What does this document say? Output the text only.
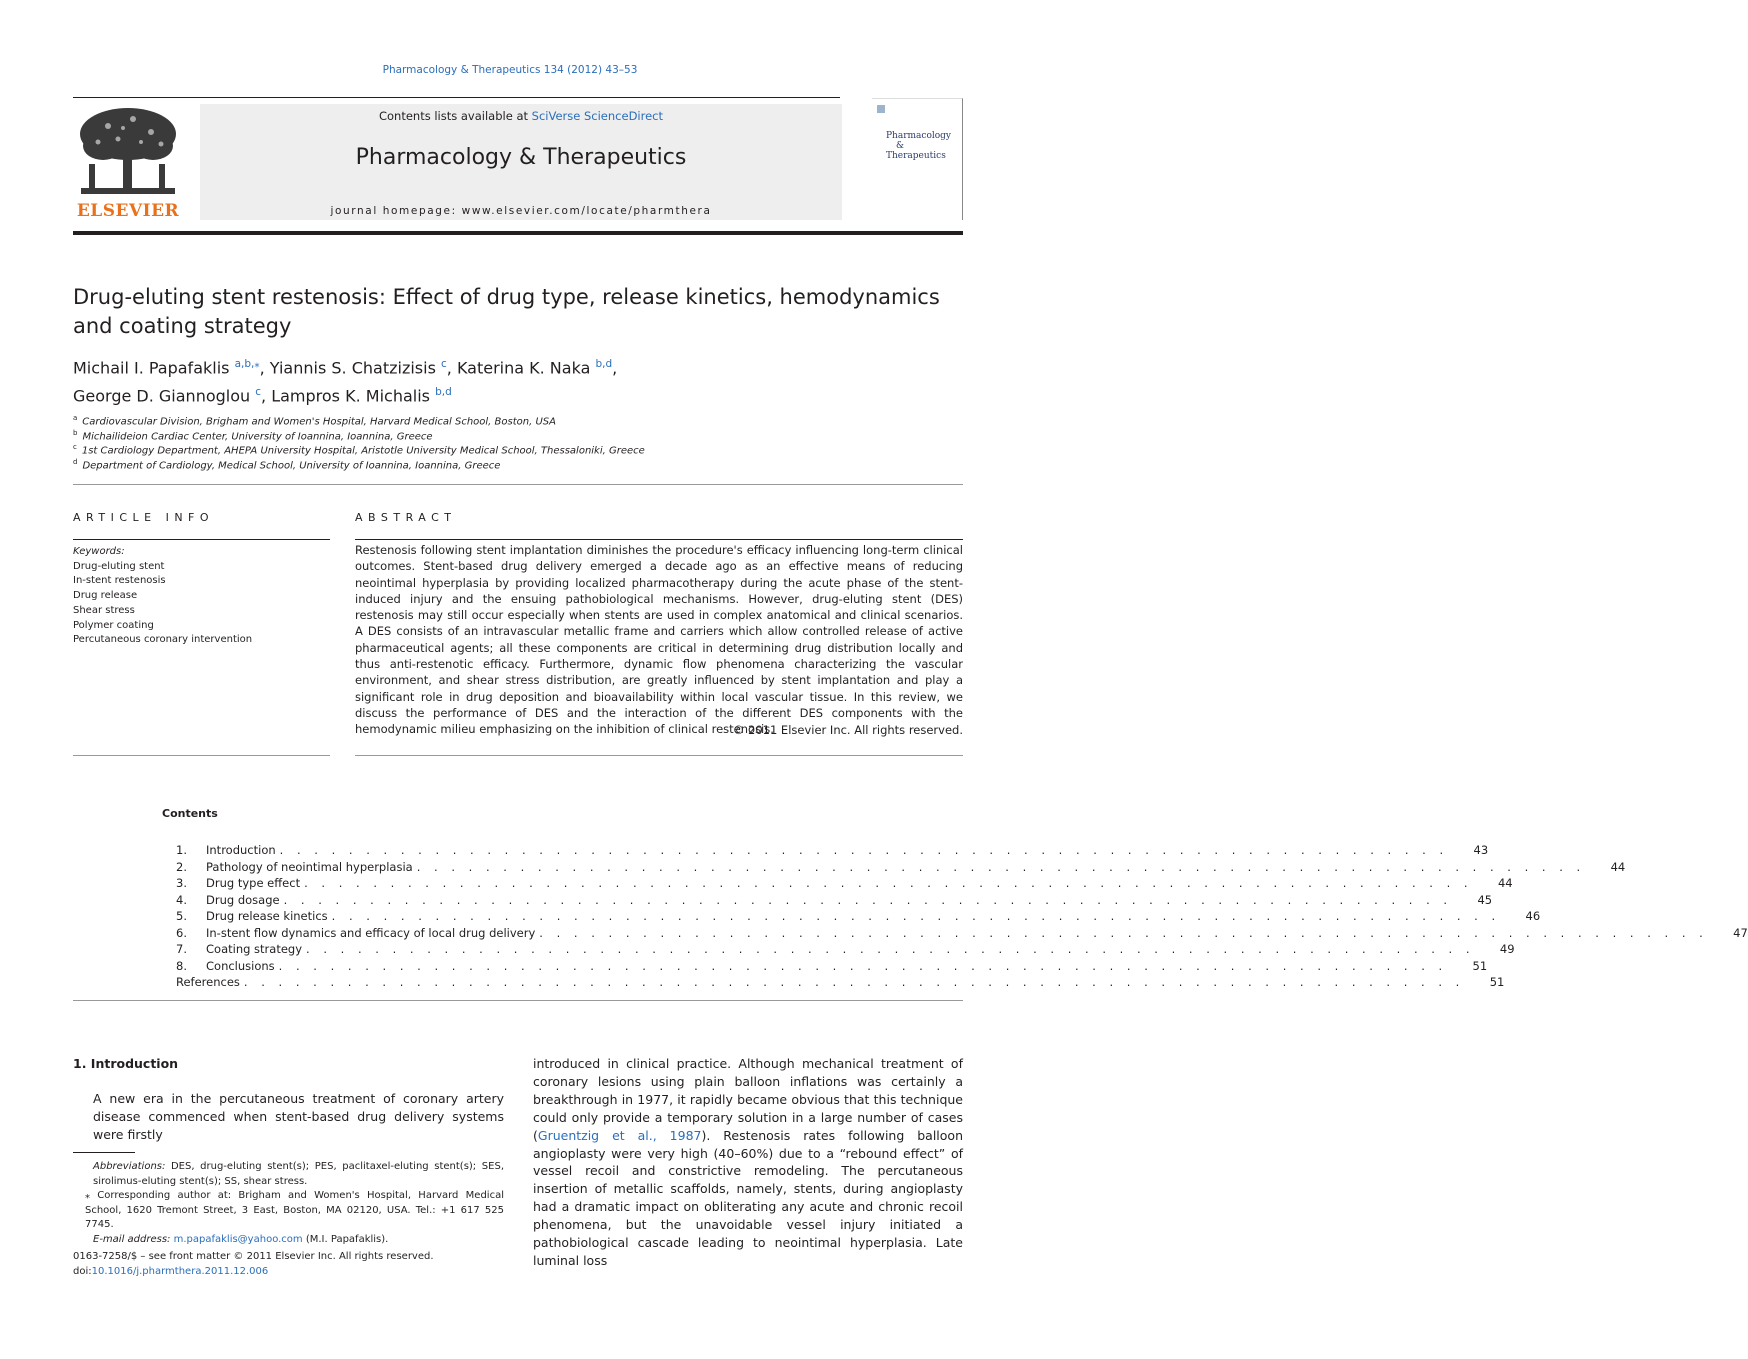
Pharmacology & Therapeutics 134 (2012) 43–53
ELSEVIER
Contents lists available at SciVerse ScienceDirect
Pharmacology & Therapeutics
journal homepage: www.elsevier.com/locate/pharmthera
Pharmacology
&
Therapeutics
Drug-eluting stent restenosis: Effect of drug type, release kinetics, hemodynamics and coating strategy
Michail I. Papafaklis $^{a,b,⁎}$, Yiannis S. Chatzizisis $^c$, Katerina K. Naka $^{b,d}$,
George D. Giannoglou $^c$, Lampros K. Michalis $^{b,d}$
$^a$ Cardiovascular Division, Brigham and Women's Hospital, Harvard Medical School, Boston, USA
$^b$ Michailideion Cardiac Center, University of Ioannina, Ioannina, Greece
$^c$ 1st Cardiology Department, AHEPA University Hospital, Aristotle University Medical School, Thessaloniki, Greece
$^d$ Department of Cardiology, Medical School, University of Ioannina, Ioannina, Greece
ARTICLE INFO	ABSTRACT
Keywords:
Drug-eluting stent
In-stent restenosis
Drug release
Shear stress
Polymer coating
Percutaneous coronary intervention
Restenosis following stent implantation diminishes the procedure's efficacy influencing long-term clinical outcomes. Stent-based drug delivery emerged a decade ago as an effective means of reducing neointimal hyperplasia by providing localized pharmacotherapy during the acute phase of the stent-induced injury and the ensuing pathobiological mechanisms. However, drug-eluting stent (DES) restenosis may still occur especially when stents are used in complex anatomical and clinical scenarios. A DES consists of an intravascular metallic frame and carriers which allow controlled release of active pharmaceutical agents; all these components are critical in determining drug distribution locally and thus anti-restenotic efficacy. Furthermore, dynamic flow phenomena characterizing the vascular environment, and shear stress distribution, are greatly influenced by stent implantation and play a significant role in drug deposition and bioavailability within local vascular tissue. In this review, we discuss the performance of DES and the interaction of the different DES components with the hemodynamic milieu emphasizing on the inhibition of clinical restenosis.
© 2011 Elsevier Inc. All rights reserved.
Contents
1.	Introduction . . . . . . . . . . . . . . . . . . . . . . . . . . . . . . . . . . . . . . . . . . . . . . . . . . . . . . . . . . . . . . . . . . . .	43
2.	Pathology of neointimal hyperplasia . . . . . . . . . . . . . . . . . . . . . . . . . . . . . . . . . . . . . . . . . . . . . . . . . . . . . . . . . . . . . . . . . . . .	44
3.	Drug type effect . . . . . . . . . . . . . . . . . . . . . . . . . . . . . . . . . . . . . . . . . . . . . . . . . . . . . . . . . . . . . . . . . . . .	44
4.	Drug dosage . . . . . . . . . . . . . . . . . . . . . . . . . . . . . . . . . . . . . . . . . . . . . . . . . . . . . . . . . . . . . . . . . . . .	45
5.	Drug release kinetics . . . . . . . . . . . . . . . . . . . . . . . . . . . . . . . . . . . . . . . . . . . . . . . . . . . . . . . . . . . . . . . . . . . .	46
6.	In-stent flow dynamics and efficacy of local drug delivery . . . . . . . . . . . . . . . . . . . . . . . . . . . . . . . . . . . . . . . . . . . . . . . . . . . . . . . . . . . . . . . . . . . .	47
7.	Coating strategy . . . . . . . . . . . . . . . . . . . . . . . . . . . . . . . . . . . . . . . . . . . . . . . . . . . . . . . . . . . . . . . . . . . .	49
8.	Conclusions . . . . . . . . . . . . . . . . . . . . . . . . . . . . . . . . . . . . . . . . . . . . . . . . . . . . . . . . . . . . . . . . . . . .	51
References . . . . . . . . . . . . . . . . . . . . . . . . . . . . . . . . . . . . . . . . . . . . . . . . . . . . . . . . . . . . . . . . . . . . . . .	51
1. Introduction
A new era in the percutaneous treatment of coronary artery disease commenced when stent-based drug delivery systems were firstly
Abbreviations: DES, drug-eluting stent(s); PES, paclitaxel-eluting stent(s); SES, sirolimus-eluting stent(s); SS, shear stress.
⁎ Corresponding author at: Brigham and Women's Hospital, Harvard Medical School, 1620 Tremont Street, 3 East, Boston, MA 02120, USA. Tel.: +1 617 525 7745.
E-mail address: m.papafaklis@yahoo.com (M.I. Papafaklis).
0163-7258/$ – see front matter © 2011 Elsevier Inc. All rights reserved.
doi:10.1016/j.pharmthera.2011.12.006
introduced in clinical practice. Although mechanical treatment of coronary lesions using plain balloon inflations was certainly a breakthrough in 1977, it rapidly became obvious that this technique could only provide a temporary solution in a large number of cases (Gruentzig et al., 1987). Restenosis rates following balloon angioplasty were very high (40–60%) due to a “rebound effect” of vessel recoil and constrictive remodeling. The percutaneous insertion of metallic scaffolds, namely, stents, during angioplasty had a dramatic impact on obliterating any acute and chronic recoil phenomena, but the unavoidable vessel injury initiated a pathobiological cascade leading to neointimal hyperplasia. Late luminal loss
